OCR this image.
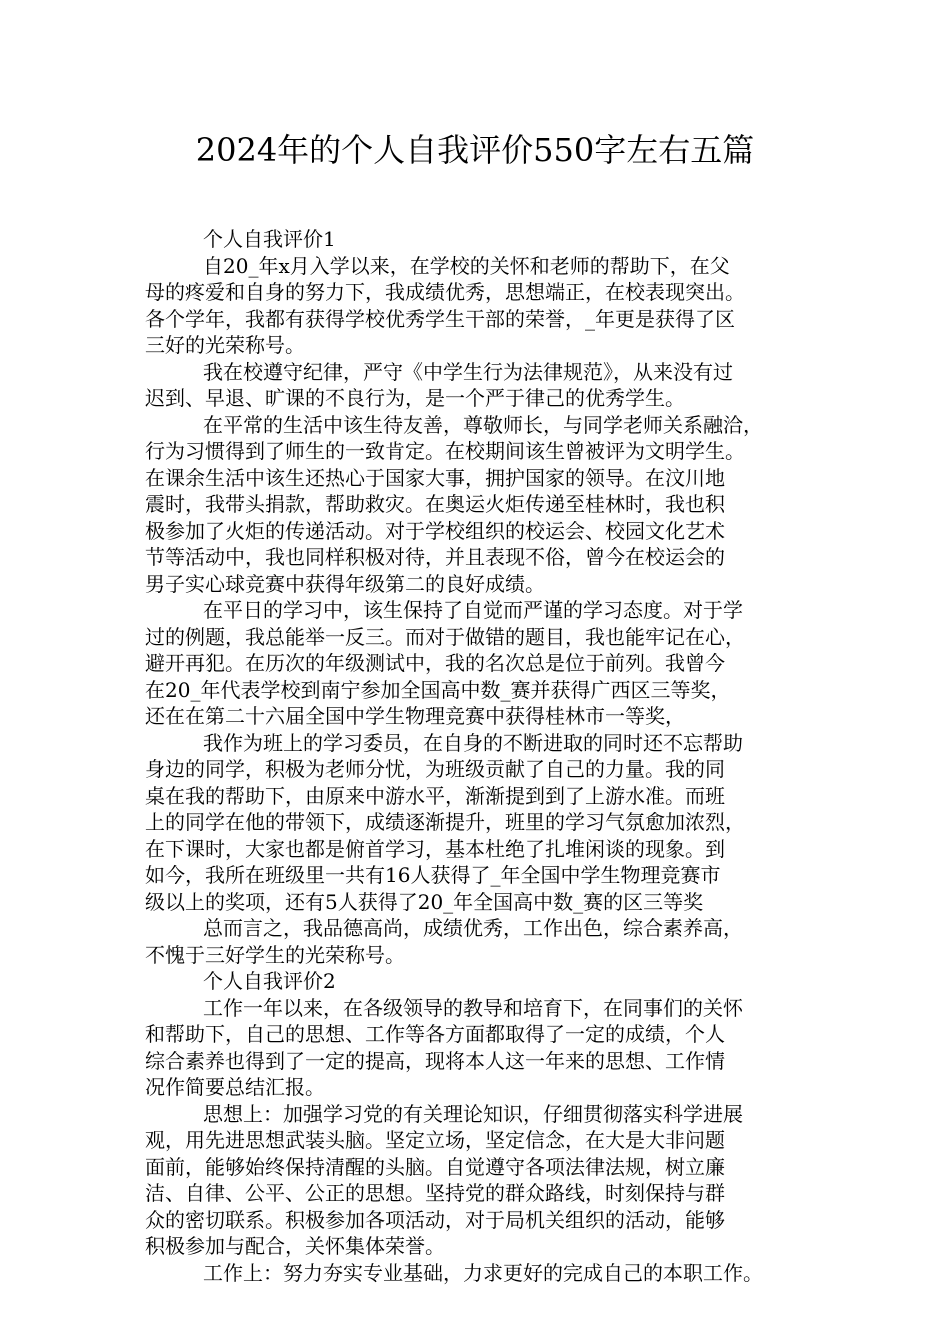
2024年的个人自我评价550字左右五篇
个人自我评价1
自20_年x月入学以来，在学校的关怀和老师的帮助下，在父
母的疼爱和自身的努力下，我成绩优秀，思想端正，在校表现突出。
各个学年，我都有获得学校优秀学生干部的荣誉，_年更是获得了区
三好的光荣称号。
我在校遵守纪律，严守《中学生行为法律规范》，从来没有过
迟到、早退、旷课的不良行为，是一个严于律己的优秀学生。
在平常的生活中该生待友善，尊敬师长，与同学老师关系融洽，
行为习惯得到了师生的一致肯定。在校期间该生曾被评为文明学生。
在课余生活中该生还热心于国家大事，拥护国家的领导。在汶川地
震时，我带头捐款，帮助救灾。在奥运火炬传递至桂林时，我也积
极参加了火炬的传递活动。对于学校组织的校运会、校园文化艺术
节等活动中，我也同样积极对待，并且表现不俗，曾今在校运会的
男子实心球竞赛中获得年级第二的良好成绩。
在平日的学习中，该生保持了自觉而严谨的学习态度。对于学
过的例题，我总能举一反三。而对于做错的题目，我也能牢记在心，
避开再犯。在历次的年级测试中，我的名次总是位于前列。我曾今
在20_年代表学校到南宁参加全国高中数_赛并获得广西区三等奖，
还在在第二十六届全国中学生物理竞赛中获得桂林市一等奖，
我作为班上的学习委员，在自身的不断进取的同时还不忘帮助
身边的同学，积极为老师分忧，为班级贡献了自己的力量。我的同
桌在我的帮助下，由原来中游水平，渐渐提到到了上游水准。而班
上的同学在他的带领下，成绩逐渐提升，班里的学习气氛愈加浓烈，
在下课时，大家也都是俯首学习，基本杜绝了扎堆闲谈的现象。到
如今，我所在班级里一共有16人获得了_年全国中学生物理竞赛市
级以上的奖项，还有5人获得了20_年全国高中数_赛的区三等奖
总而言之，我品德高尚，成绩优秀，工作出色，综合素养高，
不愧于三好学生的光荣称号。
个人自我评价2
工作一年以来，在各级领导的教导和培育下，在同事们的关怀
和帮助下，自己的思想、工作等各方面都取得了一定的成绩，个人
综合素养也得到了一定的提高，现将本人这一年来的思想、工作情
况作简要总结汇报。
思想上：加强学习党的有关理论知识，仔细贯彻落实科学进展
观，用先进思想武装头脑。坚定立场，坚定信念，在大是大非问题
面前，能够始终保持清醒的头脑。自觉遵守各项法律法规，树立廉
洁、自律、公平、公正的思想。坚持党的群众路线，时刻保持与群
众的密切联系。积极参加各项活动，对于局机关组织的活动，能够
积极参加与配合，关怀集体荣誉。
工作上：努力夯实专业基础，力求更好的完成自己的本职工作。
